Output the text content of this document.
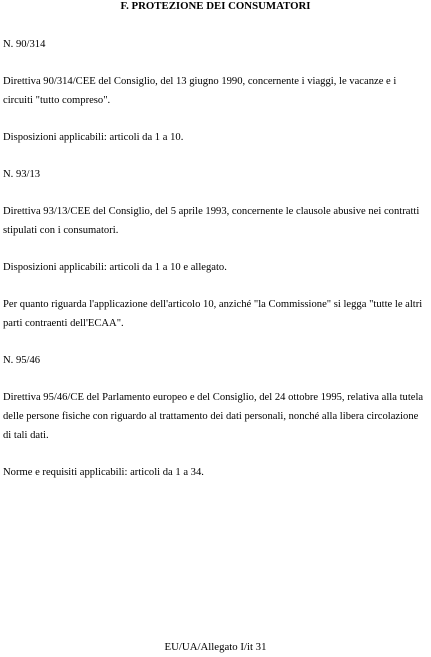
F. PROTEZIONE DEI CONSUMATORI

N. 90/314

Direttiva 90/314/CEE del Consiglio, del 13 giugno 1990, concernente i viaggi, le vacanze e i circuiti "tutto compreso".

Disposizioni applicabili: articoli da 1 a 10.

N. 93/13

Direttiva 93/13/CEE del Consiglio, del 5 aprile 1993, concernente le clausole abusive nei contratti stipulati con i consumatori.

Disposizioni applicabili: articoli da 1 a 10 e allegato.

Per quanto riguarda l'applicazione dell'articolo 10, anziché "la Commissione" si legga "tutte le altri parti contraenti dell'ECAA".

N. 95/46

Direttiva 95/46/CE del Parlamento europeo e del Consiglio, del 24 ottobre 1995, relativa alla tutela delle persone fisiche con riguardo al trattamento dei dati personali, nonché alla libera circolazione di tali dati.

Norme e requisiti applicabili: articoli da 1 a 34.

EU/UA/Allegato I/it 31
